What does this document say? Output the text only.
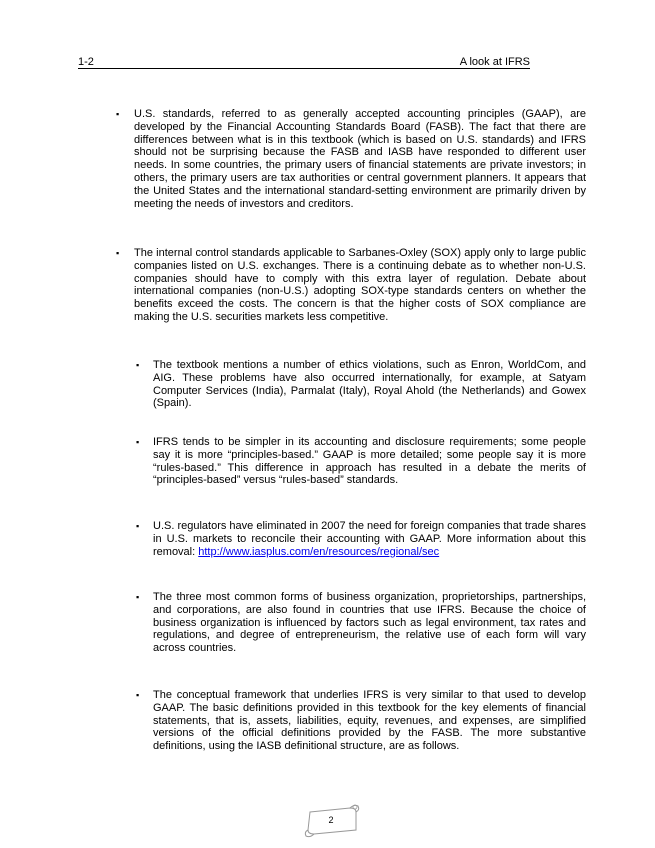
1-2	A look at IFRS
▪ U.S. standards, referred to as generally accepted accounting principles (GAAP), are developed by the Financial Accounting Standards Board (FASB). The fact that there are differences between what is in this textbook (which is based on U.S. standards) and IFRS should not be surprising because the FASB and IASB have responded to different user needs. In some countries, the primary users of financial statements are private investors; in others, the primary users are tax authorities or central government planners. It appears that the United States and the international standard-setting environment are primarily driven by meeting the needs of investors and creditors.

▪ The internal control standards applicable to Sarbanes-Oxley (SOX) apply only to large public companies listed on U.S. exchanges. There is a continuing debate as to whether non-U.S. companies should have to comply with this extra layer of regulation. Debate about international companies (non-U.S.) adopting SOX-type standards centers on whether the benefits exceed the costs. The concern is that the higher costs of SOX compliance are making the U.S. securities markets less competitive.

▪ The textbook mentions a number of ethics violations, such as Enron, WorldCom, and AIG. These problems have also occurred internationally, for example, at Satyam Computer Services (India), Parmalat (Italy), Royal Ahold (the Netherlands) and Gowex (Spain).

▪ IFRS tends to be simpler in its accounting and disclosure requirements; some people say it is more “principles-based.” GAAP is more detailed; some people say it is more “rules-based.” This difference in approach has resulted in a debate the merits of “principles-based” versus “rules-based” standards.

▪ U.S. regulators have eliminated in 2007 the need for foreign companies that trade shares in U.S. markets to reconcile their accounting with GAAP. More information about this removal: http://www.iasplus.com/en/resources/regional/sec

▪ The three most common forms of business organization, proprietorships, partnerships, and corporations, are also found in countries that use IFRS. Because the choice of business organization is influenced by factors such as legal environment, tax rates and regulations, and degree of entrepreneurism, the relative use of each form will vary across countries.

▪ The conceptual framework that underlies IFRS is very similar to that used to develop GAAP. The basic definitions provided in this textbook for the key elements of financial statements, that is, assets, liabilities, equity, revenues, and expenses, are simplified versions of the official definitions provided by the FASB. The more substantive definitions, using the IASB definitional structure, are as follows.

2
